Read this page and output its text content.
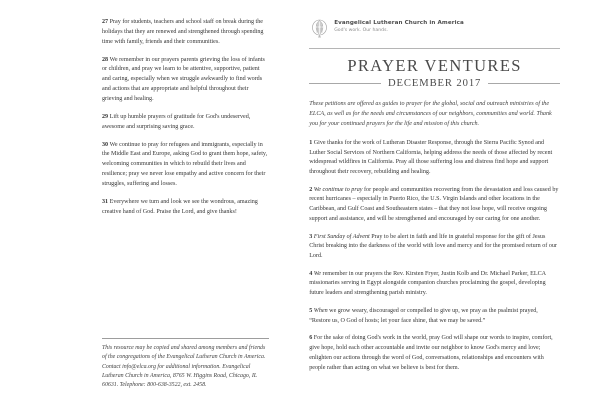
27 Pray for students, teachers and school staff on break during the holidays that they are renewed and strengthened through spending time with family, friends and their communities.

28 We remember in our prayers parents grieving the loss of infants or children, and pray we learn to be attentive, supportive, patient and caring, especially when we struggle awkwardly to find words and actions that are appropriate and helpful throughout their grieving and healing.

29 Lift up humble prayers of gratitude for God's undeserved, awesome and surprising saving grace.

30 We continue to pray for refugees and immigrants, especially in the Middle East and Europe, asking God to grant them hope, safety, welcoming communities in which to rebuild their lives and resilience; pray we never lose empathy and active concern for their struggles, suffering and losses.

31 Everywhere we turn and look we see the wondrous, amazing creative hand of God. Praise the Lord, and give thanks!

This resource may be copied and shared among members and friends of the congregations of the Evangelical Lutheran Church in America. Contact info@elca.org for additional information. Evangelical Lutheran Church in America, 8765 W. Higgins Road, Chicago, IL 60631. Telephone: 800-638-3522, ext. 2458.

Evangelical Lutheran Church in America
God's work. Our hands.
PRAYER VENTURES
DECEMBER 2017

These petitions are offered as guides to prayer for the global, social and outreach ministries of the ELCA, as well as for the needs and circumstances of our neighbors, communities and world. Thank you for your continued prayers for the life and mission of this church.

1 Give thanks for the work of Lutheran Disaster Response, through the Sierra Pacific Synod and Luther Social Services of Northern California, helping address the needs of those affected by recent widespread wildfires in California. Pray all those suffering loss and distress find hope and support throughout their recovery, rebuilding and healing.

2 We continue to pray for people and communities recovering from the devastation and loss caused by recent hurricanes – especially in Puerto Rico, the U.S. Virgin Islands and other locations in the Caribbean, and Gulf Coast and Southeastern states – that they not lose hope, will receive ongoing support and assistance, and will be strengthened and encouraged by our caring for one another.

3 First Sunday of Advent Pray to be alert in faith and life in grateful response for the gift of Jesus Christ breaking into the darkness of the world with love and mercy and for the promised return of our Lord.

4 We remember in our prayers the Rev. Kirsten Fryer, Justin Kolb and Dr. Michael Parker, ELCA missionaries serving in Egypt alongside companion churches proclaiming the gospel, developing future leaders and strengthening parish ministry.

5 When we grow weary, discouraged or compelled to give up, we pray as the psalmist prayed, “Restore us, O God of hosts; let your face shine, that we may be saved.”

6 For the sake of doing God's work in the world, pray God will shape our words to inspire, comfort, give hope, hold each other accountable and invite our neighbor to know God's mercy and love; enlighten our actions through the word of God, conversations, relationships and encounters with people rather than acting on what we believe is best for them.
